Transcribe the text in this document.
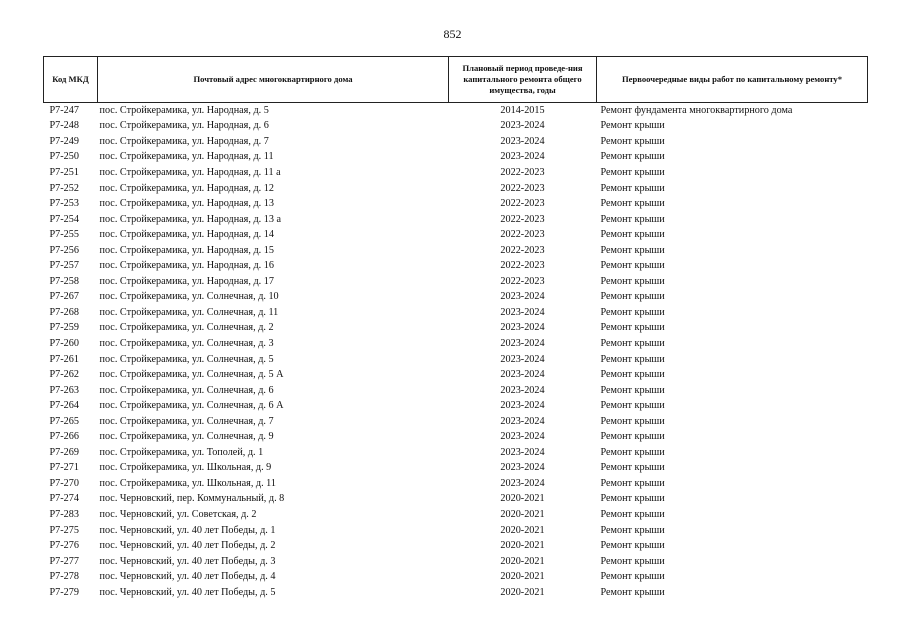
852
Код МКД	Почтовый адрес многоквартирного дома	Плановый период проведе-ния капитального ремонта общего имущества, годы	Первоочередные виды работ по капитальному ремонту*
Р7-247	пос. Стройкерамика, ул. Народная, д. 5	2014-2015	Ремонт фундамента многоквартирного дома
Р7-248	пос. Стройкерамика, ул. Народная, д. 6	2023-2024	Ремонт крыши
Р7-249	пос. Стройкерамика, ул. Народная, д. 7	2023-2024	Ремонт крыши
Р7-250	пос. Стройкерамика, ул. Народная, д. 11	2023-2024	Ремонт крыши
Р7-251	пос. Стройкерамика, ул. Народная, д. 11 а	2022-2023	Ремонт крыши
Р7-252	пос. Стройкерамика, ул. Народная, д. 12	2022-2023	Ремонт крыши
Р7-253	пос. Стройкерамика, ул. Народная, д. 13	2022-2023	Ремонт крыши
Р7-254	пос. Стройкерамика, ул. Народная, д. 13 а	2022-2023	Ремонт крыши
Р7-255	пос. Стройкерамика, ул. Народная, д. 14	2022-2023	Ремонт крыши
Р7-256	пос. Стройкерамика, ул. Народная, д. 15	2022-2023	Ремонт крыши
Р7-257	пос. Стройкерамика, ул. Народная, д. 16	2022-2023	Ремонт крыши
Р7-258	пос. Стройкерамика, ул. Народная, д. 17	2022-2023	Ремонт крыши
Р7-267	пос. Стройкерамика, ул. Солнечная, д. 10	2023-2024	Ремонт крыши
Р7-268	пос. Стройкерамика, ул. Солнечная, д. 11	2023-2024	Ремонт крыши
Р7-259	пос. Стройкерамика, ул. Солнечная, д. 2	2023-2024	Ремонт крыши
Р7-260	пос. Стройкерамика, ул. Солнечная, д. 3	2023-2024	Ремонт крыши
Р7-261	пос. Стройкерамика, ул. Солнечная, д. 5	2023-2024	Ремонт крыши
Р7-262	пос. Стройкерамика, ул. Солнечная, д. 5 А	2023-2024	Ремонт крыши
Р7-263	пос. Стройкерамика, ул. Солнечная, д. 6	2023-2024	Ремонт крыши
Р7-264	пос. Стройкерамика, ул. Солнечная, д. 6 А	2023-2024	Ремонт крыши
Р7-265	пос. Стройкерамика, ул. Солнечная, д. 7	2023-2024	Ремонт крыши
Р7-266	пос. Стройкерамика, ул. Солнечная, д. 9	2023-2024	Ремонт крыши
Р7-269	пос. Стройкерамика, ул. Тополей, д. 1	2023-2024	Ремонт крыши
Р7-271	пос. Стройкерамика, ул. Школьная, д. 9	2023-2024	Ремонт крыши
Р7-270	пос. Стройкерамика, ул. Школьная, д. 11	2023-2024	Ремонт крыши
Р7-274	пос. Черновский, пер. Коммунальный, д. 8	2020-2021	Ремонт крыши
Р7-283	пос. Черновский, ул. Советская, д. 2	2020-2021	Ремонт крыши
Р7-275	пос. Черновский, ул. 40 лет Победы, д. 1	2020-2021	Ремонт крыши
Р7-276	пос. Черновский, ул. 40 лет Победы, д. 2	2020-2021	Ремонт крыши
Р7-277	пос. Черновский, ул. 40 лет Победы, д. 3	2020-2021	Ремонт крыши
Р7-278	пос. Черновский, ул. 40 лет Победы, д. 4	2020-2021	Ремонт крыши
Р7-279	пос. Черновский, ул. 40 лет Победы, д. 5	2020-2021	Ремонт крыши
